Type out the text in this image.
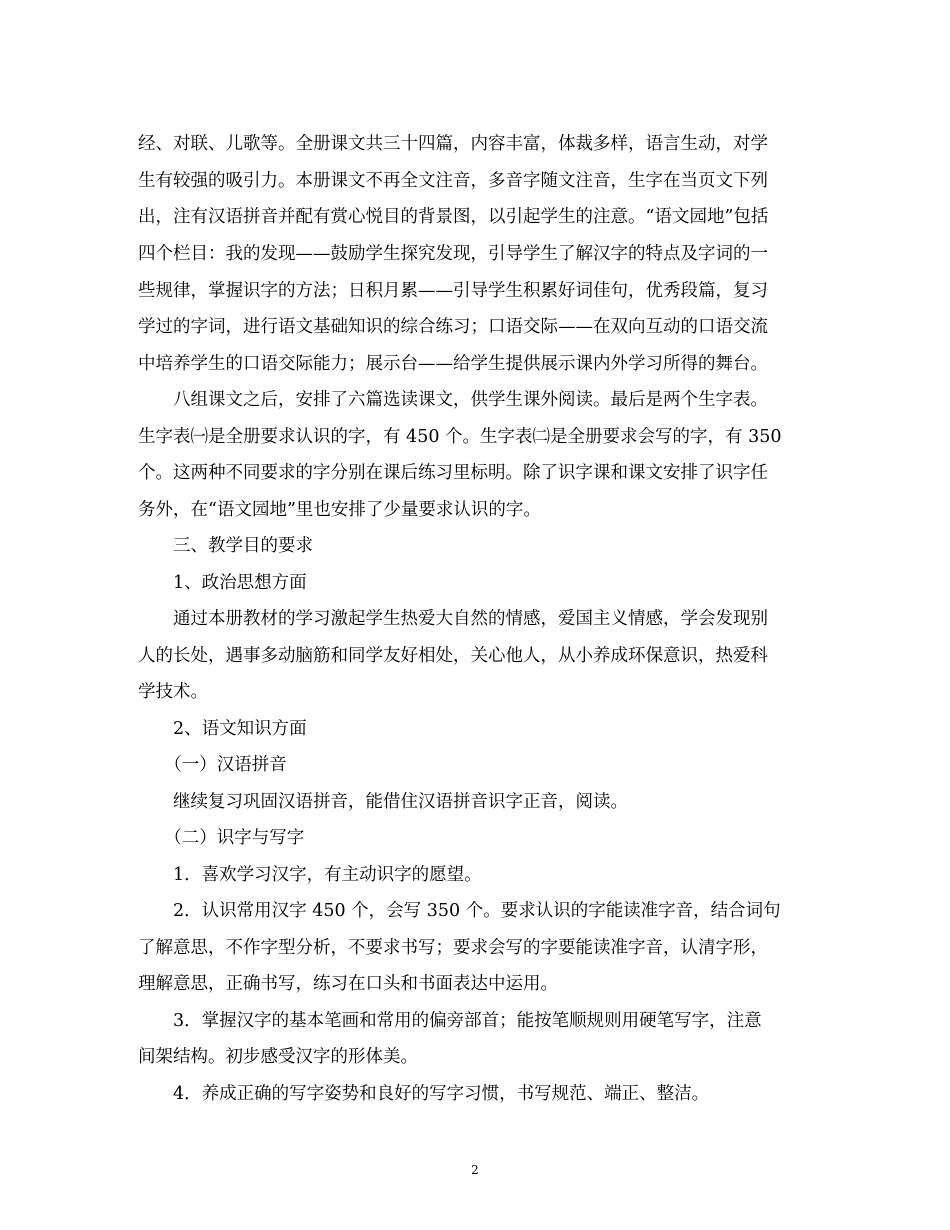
经、对联、儿歌等。全册课文共三十四篇，内容丰富，体裁多样，语言生动，对学
生有较强的吸引力。本册课文不再全文注音，多音字随文注音，生字在当页文下列
出，注有汉语拼音并配有赏心悦目的背景图，以引起学生的注意。“语文园地”包括
四个栏目：我的发现——鼓励学生探究发现，引导学生了解汉字的特点及字词的一
些规律，掌握识字的方法；日积月累——引导学生积累好词佳句，优秀段篇，复习
学过的字词，进行语文基础知识的综合练习；口语交际——在双向互动的口语交流
中培养学生的口语交际能力；展示台——给学生提供展示课内外学习所得的舞台。
　　八组课文之后，安排了六篇选读课文，供学生课外阅读。最后是两个生字表。
生字表㈠是全册要求认识的字，有 450 个。生字表㈡是全册要求会写的字，有 350
个。这两种不同要求的字分别在课后练习里标明。除了识字课和课文安排了识字任
务外，在“语文园地”里也安排了少量要求认识的字。
　　三、教学目的要求
　　1、政治思想方面
　　通过本册教材的学习激起学生热爱大自然的情感，爱国主义情感，学会发现别
人的长处，遇事多动脑筋和同学友好相处，关心他人，从小养成环保意识，热爱科
学技术。
　　2、语文知识方面
　　（一）汉语拼音
　　继续复习巩固汉语拼音，能借住汉语拼音识字正音，阅读。
　　（二）识字与写字
　　1．喜欢学习汉字，有主动识字的愿望。
　　2．认识常用汉字 450 个，会写 350 个。要求认识的字能读准字音，结合词句
了解意思，不作字型分析，不要求书写；要求会写的字要能读准字音，认清字形，
理解意思，正确书写，练习在口头和书面表达中运用。
　　3．掌握汉字的基本笔画和常用的偏旁部首；能按笔顺规则用硬笔写字，注意
间架结构。初步感受汉字的形体美。
　　4．养成正确的写字姿势和良好的写字习惯，书写规范、端正、整洁。
2
